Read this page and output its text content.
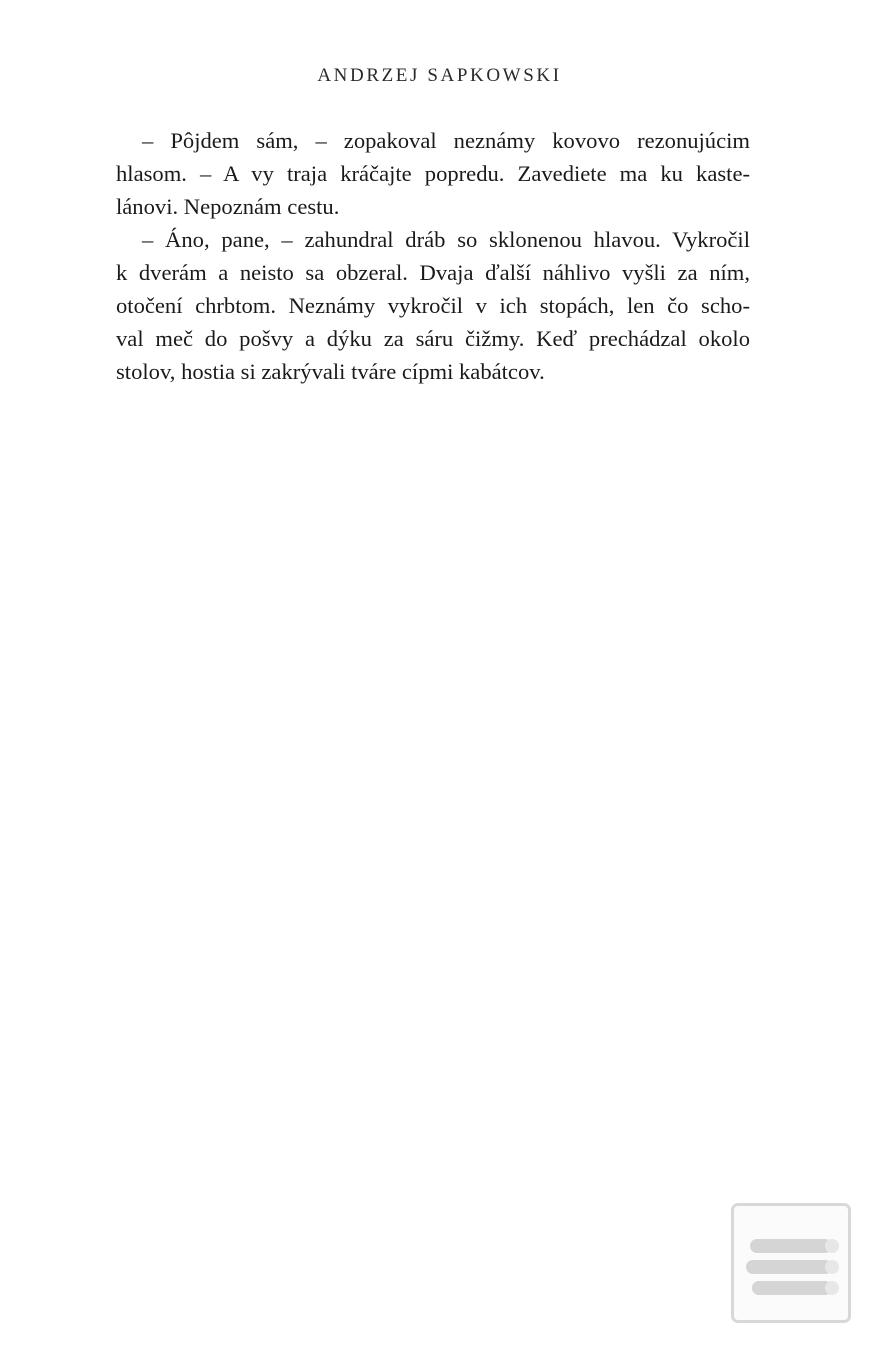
ANDRZEJ SAPKOWSKI
– Pôjdem sám, – zopakoval neznámy kovovo rezonujúcim
hlasom. – A vy traja kráčajte popredu. Zavediete ma ku kaste-
lánovi. Nepoznám cestu.
– Áno, pane, – zahundral dráb so sklonenou hlavou. Vykročil
k dverám a neisto sa obzeral. Dvaja ďalší náhlivo vyšli za ním,
otočení chrbtom. Neznámy vykročil v ich stopách, len čo scho-
val meč do pošvy a dýku za sáru čižmy. Keď prechádzal okolo
stolov, hostia si zakrývali tváre cípmi kabátcov.
